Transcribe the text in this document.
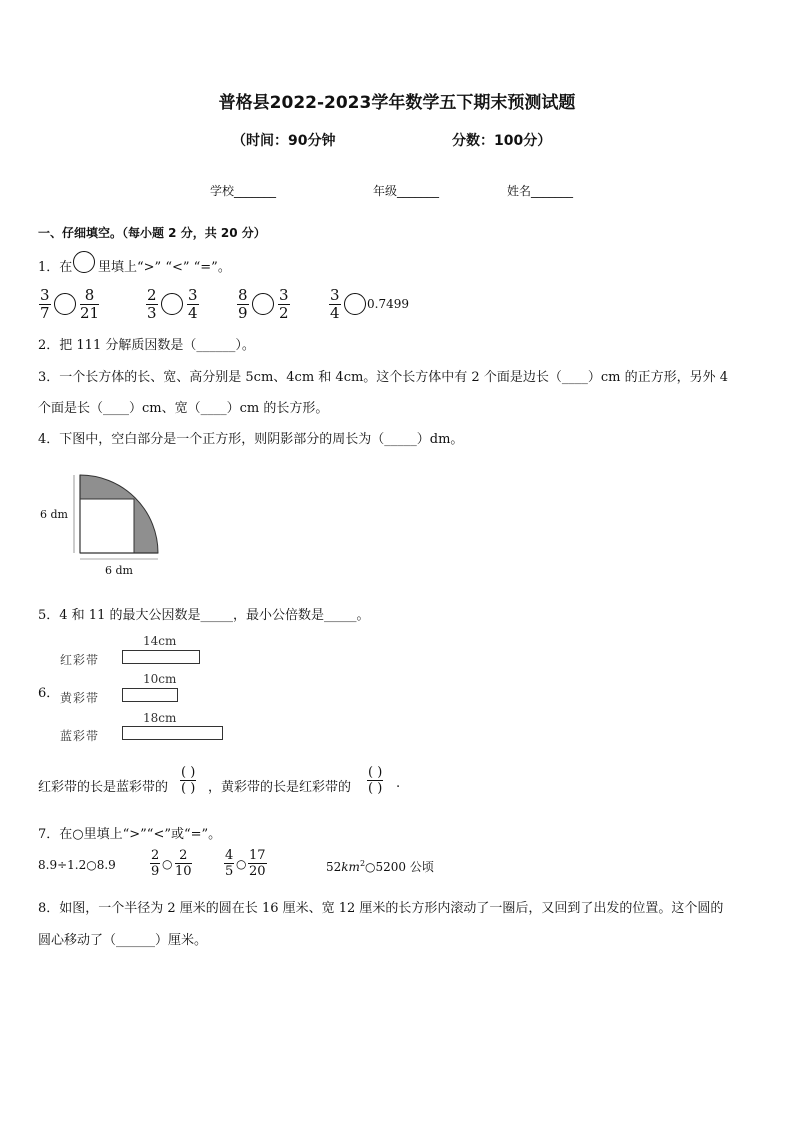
普格县2022-2023学年数学五下期末预测试题
（时间：90分钟	分数：100分）
学校_______	年级_______	姓名_______
一、仔细填空。（每小题 2 分，共 20 分）
1．在 里填上“>” “<” “=”。
$\frac{3}{7} \frac{8}{21}$	$\frac{2}{3} \frac{3}{4}$	$\frac{8}{9} \frac{3}{2}$	$\frac{3}{4} 0.7499$
2．把 111 分解质因数是（______）。
3．一个长方体的长、宽、高分别是 5cm、4cm 和 4cm。这个长方体中有 2 个面是边长（____）cm 的正方形，另外 4
个面是长（____）cm、宽（____）cm 的长方形。
4．下图中，空白部分是一个正方形，则阴影部分的周长为（_____）dm。
6 dm
6 dm
5．4 和 11 的最大公因数是_____，最小公倍数是_____。
6．
14cm
红彩带
10cm
黄彩带
18cm
蓝彩带
红彩带的长是蓝彩带的
( )
( ) ，黄彩带的长是红彩带的
( )
( ) .
7．在○里填上“>”“<”或“=”。
8.9÷1.2○8.9	$\frac{2}{9}$ ○ $\frac{2}{10} \frac{4}{5}$ ○ $\frac{17}{20}$	$52km^2○5200$ 公顷
8．如图，一个半径为 2 厘米的圆在长 16 厘米、宽 12 厘米的长方形内滚动了一圈后，又回到了出发的位置。这个圆的
圆心移动了（______）厘米。
